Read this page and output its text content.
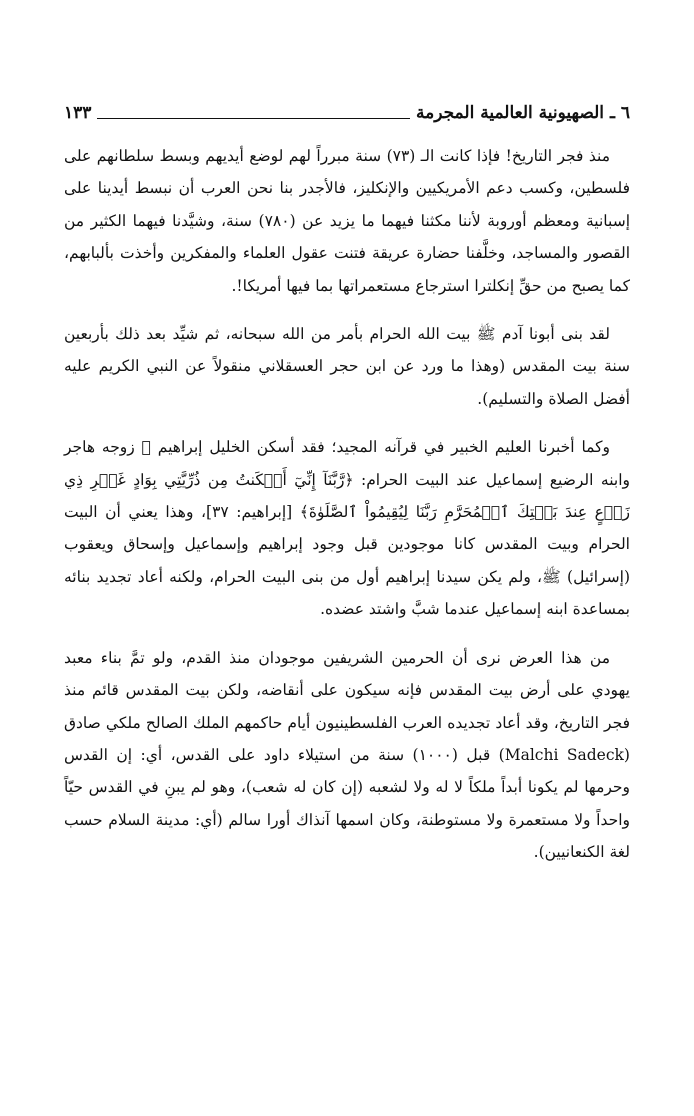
٦ ـ الصهيونية العالمية المجرمة
١٣٣

منذ فجر التاريخ! فإذا كانت الـ (٧٣) سنة مبرراً لهم لوضع أيديهم وبسط سلطانهم على فلسطين، وكسب دعم الأمريكيين والإنكليز، فالأجدر بنا نحن العرب أن نبسط أيدينا على إسبانية ومعظم أوروبة لأننا مكثنا فيهما ما يزيد عن (٧٨٠) سنة، وشيَّدنا فيهما الكثير من القصور والمساجد، وخلَّفنا حضارة عريقة فتنت عقول العلماء والمفكرين وأخذت بألبابهم، كما يصبح من حقِّ إنكلترا استرجاع مستعمراتها بما فيها أمريكا!.

لقد بنى أبونا آدم ﷺ بيت الله الحرام بأمر من الله سبحانه، ثم شيِّد بعد ذلك بأربعين سنة بيت المقدس (وهذا ما ورد عن ابن حجر العسقلاني منقولاً عن النبي الكريم عليه أفضل الصلاة والتسليم).

وكما أخبرنا العليم الخبير في قرآنه المجيد؛ فقد أسكن الخليل إبراهيم ﷺ زوجه هاجر وابنه الرضيع إسماعيل عند البيت الحرام: ﴿رَّبَّنَآ إِنِّيٓ أَسۡكَنتُ مِن ذُرِّيَّتِي بِوَادٍ غَيۡرِ ذِي زَرۡعٍ عِندَ بَيۡتِكَ ٱلۡمُحَرَّمِ رَبَّنَا لِيُقِيمُواْ ٱلصَّلَوٰةَ﴾ [إبراهيم: ٣٧]، وهذا يعني أن البيت الحرام وبيت المقدس كانا موجودين قبل وجود إبراهيم وإسماعيل وإسحاق ويعقوب (إسرائيل) ﷺ، ولم يكن سيدنا إبراهيم أول من بنى البيت الحرام، ولكنه أعاد تجديد بنائه بمساعدة ابنه إسماعيل عندما شبَّ واشتد عضده.

من هذا العرض نرى أن الحرمين الشريفين موجودان منذ القدم، ولو تمَّ بناء معبد يهودي على أرض بيت المقدس فإنه سيكون على أنقاضه، ولكن بيت المقدس قائم منذ فجر التاريخ، وقد أعاد تجديده العرب الفلسطينيون أيام حاكمهم الملك الصالح ملكي صادق (Malchi Sadeck) قبل (١٠٠٠) سنة من استيلاء داود على القدس، أي: إن القدس وحرمها لم يكونا أبداً ملكاً لا له ولا لشعبه (إن كان له شعب)، وهو لم يبنِ في القدس حيّاً واحداً ولا مستعمرة ولا مستوطنة، وكان اسمها آنذاك أورا سالم (أي: مدينة السلام حسب لغة الكنعانيين).
